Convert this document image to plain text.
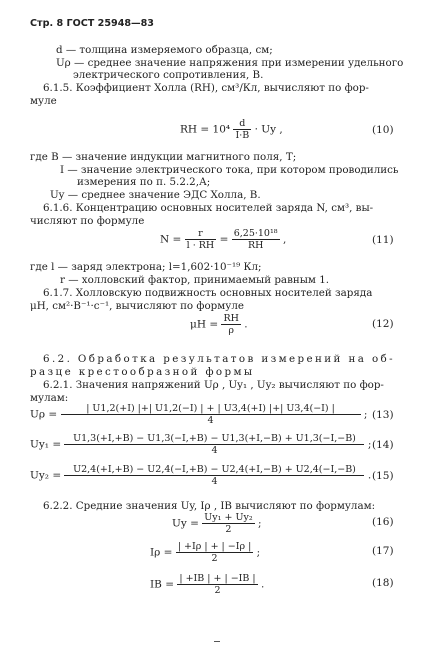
Стр. 8 ГОСТ 25948—83
d — толщина измеряемого образца, см;
Uρ — среднее значение напряжения при измерении удельного
электрического сопротивления, В.
6.1.5. Коэффициент Холла (RH), см³/Кл, вычисляют по фор-
муле
RH = $10^4 \frac{d}{I\cdot B} \cdot Uy$ ,	(10)
где B — значение индукции магнитного поля, Т;
I — значение электрического тока, при котором проводились
измерения по п. 5.2.2,А;
Uy — среднее значение ЭДС Холла, В.
6.1.6. Концентрацию основных носителей заряда N, см³, вы-
числяют по формуле
$N = \frac{r}{l \cdot RH} = \frac{\text{6,25·10¹⁸}}{RH}$ ,	(11)
где l — заряд электрона; l=1,602·10⁻¹⁹ Кл;
r — холловский фактор, принимаемый равным 1.
6.1.7. Холловскую подвижность основных носителей заряда
μH, см²·В⁻¹·с⁻¹, вычисляют по формуле
$\mu H = \frac{RH}{\rho}$ .	(12)
6.2. Обработка результатов измерений на об-
разце крестообразной формы
6.2.1. Значения напряжений Uρ , Uy₁ , Uy₂ вычисляют по фор-
мулам:
$U\rho = \frac{| U1,2(+I) |+| U1,2(-I) | + | U3,4(+I) |+| U3,4(-I) |}{4}$ ; (13)
$Uy_1 = \frac{U1,3(+I,+B) - U1,3(-I,+B) - U1,3(+I,-B) + U1,3(-I,-B)}{4}$ ; (14)
$Uy_2 = \frac{U2,4(+I,+B) - U2,4(-I,+B) - U2,4(+I,-B) + U2,4(-I,-B)}{4}$ . (15)
6.2.2. Средние значения Uy, Iρ , IB вычисляют по формулам:
$Uy = \frac{\text{Uy₁ + Uy₂}}{2}$ ;	(16)
$I\rho = \frac{| +I\rho | + | -I\rho |}{2}$ ;	(17)
IB = $\frac{| +IB | + | -IB |}{2}$ .	(18)
